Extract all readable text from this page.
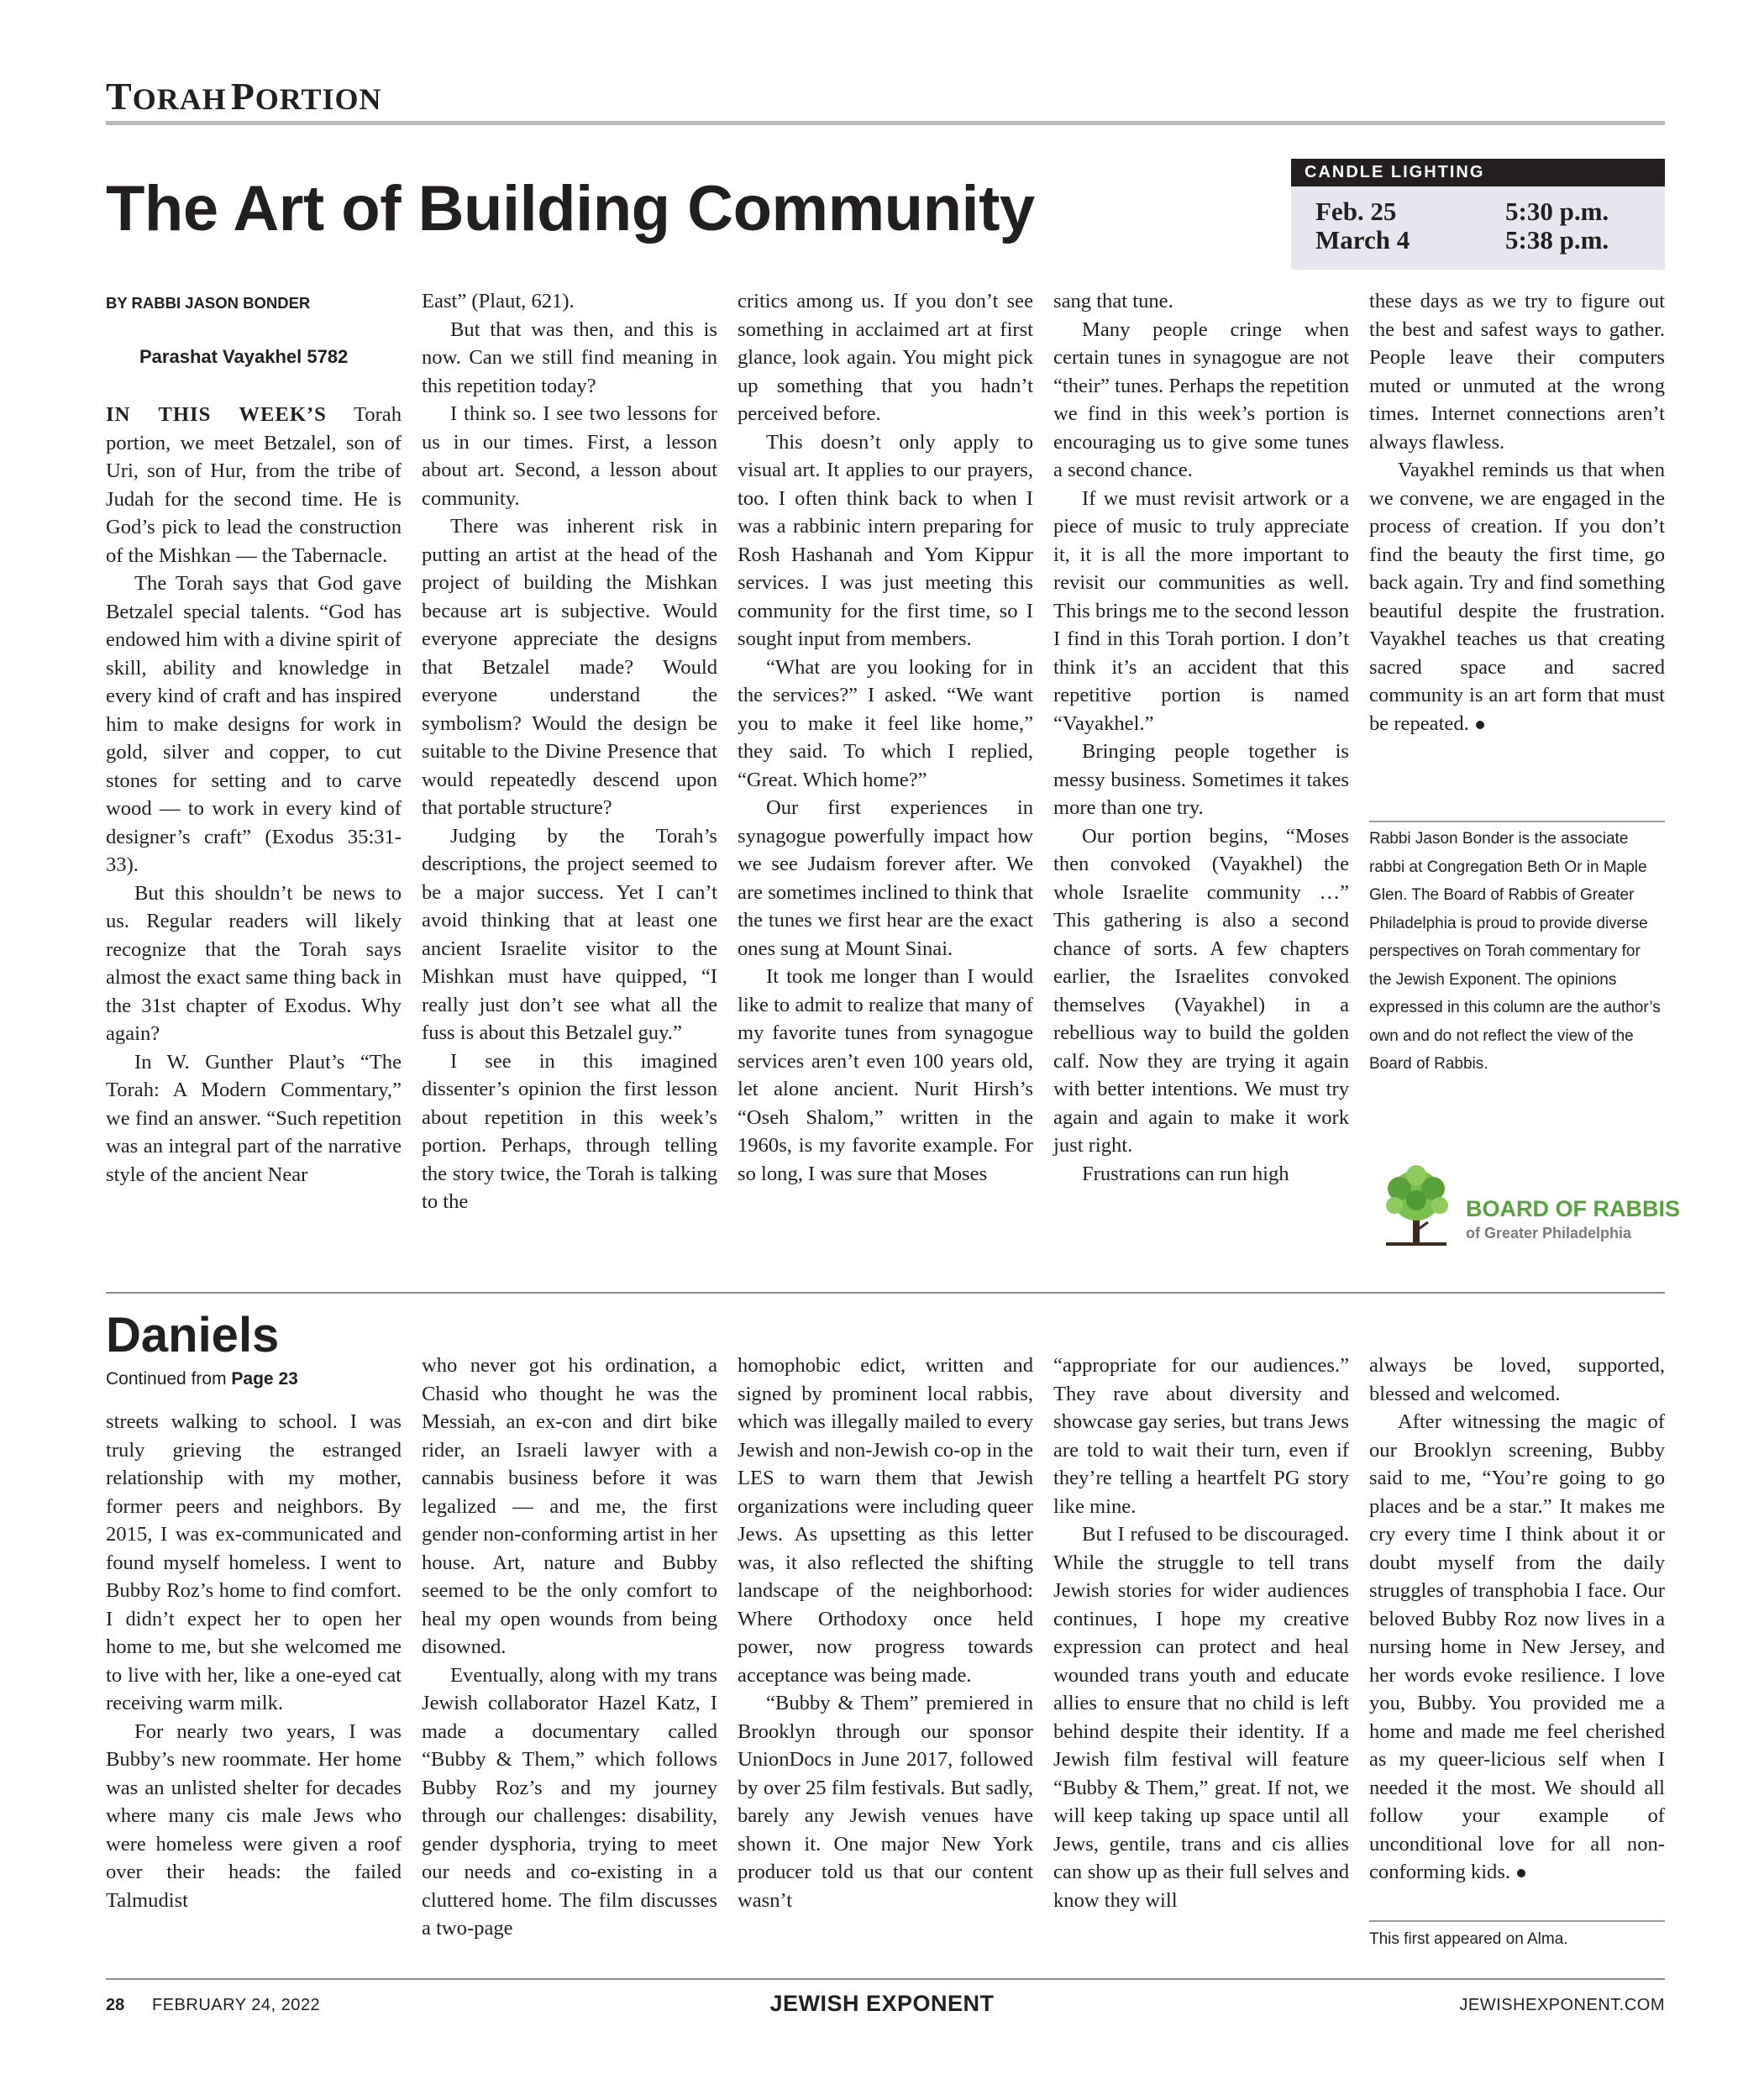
TORAH PORTION
The Art of Building Community
CANDLE LIGHTING
Feb. 25	5:30 p.m.
March 4	5:38 p.m.
BY RABBI JASON BONDER
Parashat Vayakhel 5782

IN THIS WEEK’S Torah portion, we meet Betzalel, son of Uri, son of Hur, from the tribe of Judah for the second time. He is God’s pick to lead the construction of the Mishkan — the Tabernacle.

The Torah says that God gave Betzalel special talents. “God has endowed him with a divine spirit of skill, ability and knowledge in every kind of craft and has inspired him to make designs for work in gold, silver and copper, to cut stones for setting and to carve wood — to work in every kind of designer’s craft” (Exodus 35:31-33).

But this shouldn’t be news to us. Regular readers will likely recognize that the Torah says almost the exact same thing back in the 31st chapter of Exodus. Why again?

In W. Gunther Plaut’s “The Torah: A Modern Commentary,” we find an answer. “Such repetition was an integral part of the narrative style of the ancient Near

East” (Plaut, 621).

But that was then, and this is now. Can we still find meaning in this repetition today?

I think so. I see two lessons for us in our times. First, a lesson about art. Second, a lesson about community.

There was inherent risk in putting an artist at the head of the project of building the Mishkan because art is subjective. Would everyone appreciate the designs that Betzalel made? Would everyone understand the symbolism? Would the design be suitable to the Divine Presence that would repeatedly descend upon that portable structure?

Judging by the Torah’s descriptions, the project seemed to be a major success. Yet I can’t avoid thinking that at least one ancient Israelite visitor to the Mishkan must have quipped, “I really just don’t see what all the fuss is about this Betzalel guy.”

I see in this imagined dissenter’s opinion the first lesson about repetition in this week’s portion. Perhaps, through telling the story twice, the Torah is talking to the

critics among us. If you don’t see something in acclaimed art at first glance, look again. You might pick up something that you hadn’t perceived before.

This doesn’t only apply to visual art. It applies to our prayers, too. I often think back to when I was a rabbinic intern preparing for Rosh Hashanah and Yom Kippur services. I was just meeting this community for the first time, so I sought input from members.

“What are you looking for in the services?” I asked. “We want you to make it feel like home,” they said. To which I replied, “Great. Which home?”

Our first experiences in synagogue powerfully impact how we see Judaism forever after. We are sometimes inclined to think that the tunes we first hear are the exact ones sung at Mount Sinai.

It took me longer than I would like to admit to realize that many of my favorite tunes from synagogue services aren’t even 100 years old, let alone ancient. Nurit Hirsh’s “Oseh Shalom,” written in the 1960s, is my favorite example. For so long, I was sure that Moses

sang that tune.

Many people cringe when certain tunes in synagogue are not “their” tunes. Perhaps the repetition we find in this week’s portion is encouraging us to give some tunes a second chance.

If we must revisit artwork or a piece of music to truly appreciate it, it is all the more important to revisit our communities as well. This brings me to the second lesson I find in this Torah portion. I don’t think it’s an accident that this repetitive portion is named “Vayakhel.”

Bringing people together is messy business. Sometimes it takes more than one try.

Our portion begins, “Moses then convoked (Vayakhel) the whole Israelite community …” This gathering is also a second chance of sorts. A few chapters earlier, the Israelites convoked themselves (Vayakhel) in a rebellious way to build the golden calf. Now they are trying it again with better intentions. We must try again and again to make it work just right.

Frustrations can run high

these days as we try to figure out the best and safest ways to gather. People leave their computers muted or unmuted at the wrong times. Internet connections aren’t always flawless.

Vayakhel reminds us that when we convene, we are engaged in the process of creation. If you don’t find the beauty the first time, go back again. Try and find something beautiful despite the frustration. Vayakhel teaches us that creating sacred space and sacred community is an art form that must be repeated.

Rabbi Jason Bonder is the associate rabbi at Congregation Beth Or in Maple Glen. The Board of Rabbis of Greater Philadelphia is proud to provide diverse perspectives on Torah commentary for the Jewish Exponent. The opinions expressed in this column are the author’s own and do not reflect the view of the Board of Rabbis.
BOARD OF RABBIS
of Greater Philadelphia
Daniels
Continued from Page 23

streets walking to school. I was truly grieving the estranged relationship with my mother, former peers and neighbors. By 2015, I was ex-communicated and found myself homeless. I went to Bubby Roz’s home to find comfort. I didn’t expect her to open her home to me, but she welcomed me to live with her, like a one-eyed cat receiving warm milk.

For nearly two years, I was Bubby’s new roommate. Her home was an unlisted shelter for decades where many cis male Jews who were homeless were given a roof over their heads: the failed Talmudist

who never got his ordination, a Chasid who thought he was the Messiah, an ex-con and dirt bike rider, an Israeli lawyer with a cannabis business before it was legalized — and me, the first gender non-conforming artist in her house. Art, nature and Bubby seemed to be the only comfort to heal my open wounds from being disowned.

Eventually, along with my trans Jewish collaborator Hazel Katz, I made a documentary called “Bubby & Them,” which follows Bubby Roz’s and my journey through our challenges: disability, gender dysphoria, trying to meet our needs and co-existing in a cluttered home. The film discusses a two-page

homophobic edict, written and signed by prominent local rabbis, which was illegally mailed to every Jewish and non-Jewish co-op in the LES to warn them that Jewish organizations were including queer Jews. As upsetting as this letter was, it also reflected the shifting landscape of the neighborhood: Where Orthodoxy once held power, now progress towards acceptance was being made.

“Bubby & Them” premiered in Brooklyn through our sponsor UnionDocs in June 2017, followed by over 25 film festivals. But sadly, barely any Jewish venues have shown it. One major New York producer told us that our content wasn’t

“appropriate for our audiences.” They rave about diversity and showcase gay series, but trans Jews are told to wait their turn, even if they’re telling a heartfelt PG story like mine.

But I refused to be discouraged. While the struggle to tell trans Jewish stories for wider audiences continues, I hope my creative expression can protect and heal wounded trans youth and educate allies to ensure that no child is left behind despite their identity. If a Jewish film festival will feature “Bubby & Them,” great. If not, we will keep taking up space until all Jews, gentile, trans and cis allies can show up as their full selves and know they will

always be loved, supported, blessed and welcomed.

After witnessing the magic of our Brooklyn screening, Bubby said to me, “You’re going to go places and be a star.” It makes me cry every time I think about it or doubt myself from the daily struggles of transphobia I face. Our beloved Bubby Roz now lives in a nursing home in New Jersey, and her words evoke resilience. I love you, Bubby. You provided me a home and made me feel cherished as my queer-licious self when I needed it the most. We should all follow your example of unconditional love for all non-conforming kids.

This first appeared on Alma.
28 FEBRUARY 24, 2022	JEWISH EXPONENT	JEWISHEXPONENT.COM
